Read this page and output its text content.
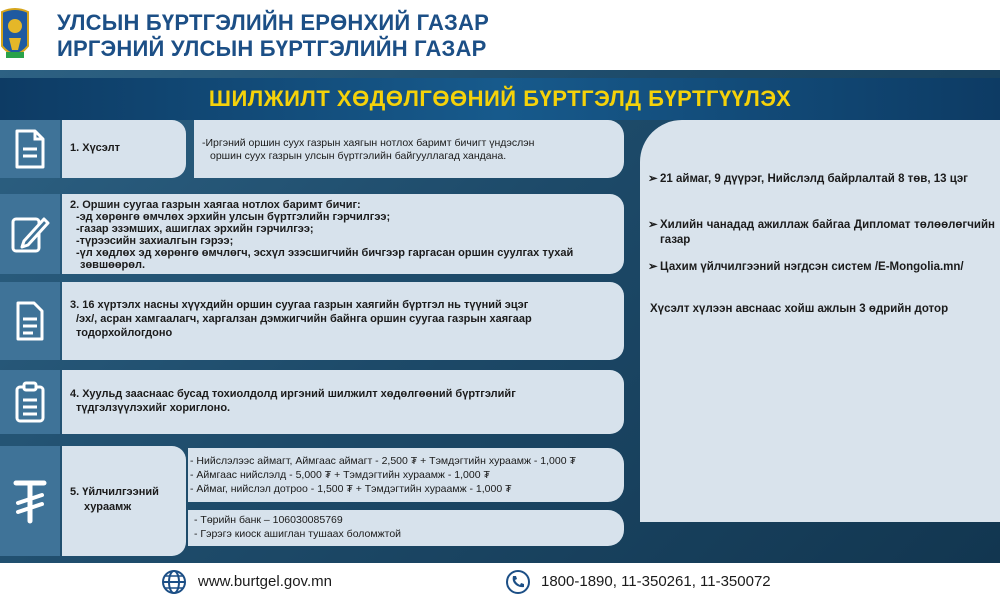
УЛСЫН БҮРТГЭЛИЙН ЕРӨНХИЙ ГАЗАР
ИРГЭНИЙ УЛСЫН БҮРТГЭЛИЙН ГАЗАР
ШИЛЖИЛТ ХӨДӨЛГӨӨНИЙ БҮРТГЭЛД БҮРТГҮҮЛЭХ
1. Хүсэлт	-Иргэний оршин суух газрын хаягын нотлох баримт бичигт үндэслэн
оршин суух газрын улсын бүртгэлийн байгууллагад хандана.
2. Оршин суугаа газрын хаягаа нотлох баримт бичиг:
-эд хөрөнгө өмчлөх эрхийн улсын бүртгэлийн гэрчилгээ;
-газар эзэмших, ашиглах эрхийн гэрчилгээ;
-түрээсийн захиалгын гэрээ;
-үл хөдлөх эд хөрөнгө өмчлөгч, эсхүл эзэсшигчийн бичгээр гаргасан оршин суулгах тухай
зөвшөөрөл.
3. 16 хүртэлх насны хүүхдийн оршин суугаа газрын хаягийн бүртгэл нь түүний эцэг
/эх/, асран хамгаалагч, харгалзан дэмжигчийн байнга оршин суугаа газрын хаягаар
тодорхойлогдоно
4. Хуульд зааснаас бусад тохиолдолд иргэний шилжилт хөдөлгөөний бүртгэлийг
түдгэлзүүлэхийг хориглоно.
5. Үйлчилгээний
хураамж
- Нийслэлээс аймагт, Аймгаас аймагт - 2,500 ₮ + Тэмдэгтийн хураамж - 1,000 ₮
- Аймгаас нийслэлд - 5,000 ₮ + Тэмдэгтийн хураамж - 1,000 ₮
- Аймаг, нийслэл дотроо - 1,500 ₮ + Тэмдэгтийн хураамж - 1,000 ₮
- Төрийн банк – 106030085769
- Гэрэгэ киоск ашиглан тушаах боломжтой
➢ 21 аймаг, 9 дүүрэг, Нийслэлд байрлалтай 8 төв, 13 цэг
➢ Хилийн чанадад ажиллаж байгаа Дипломат төлөөлөгчийн газар
➢ Цахим үйлчилгээний нэгдсэн систем /E-Mongolia.mn/
Хүсэлт хүлээн авснаас хойш ажлын 3 өдрийн дотор
www.burtgel.gov.mn	1800-1890, 11-350261, 11-350072
